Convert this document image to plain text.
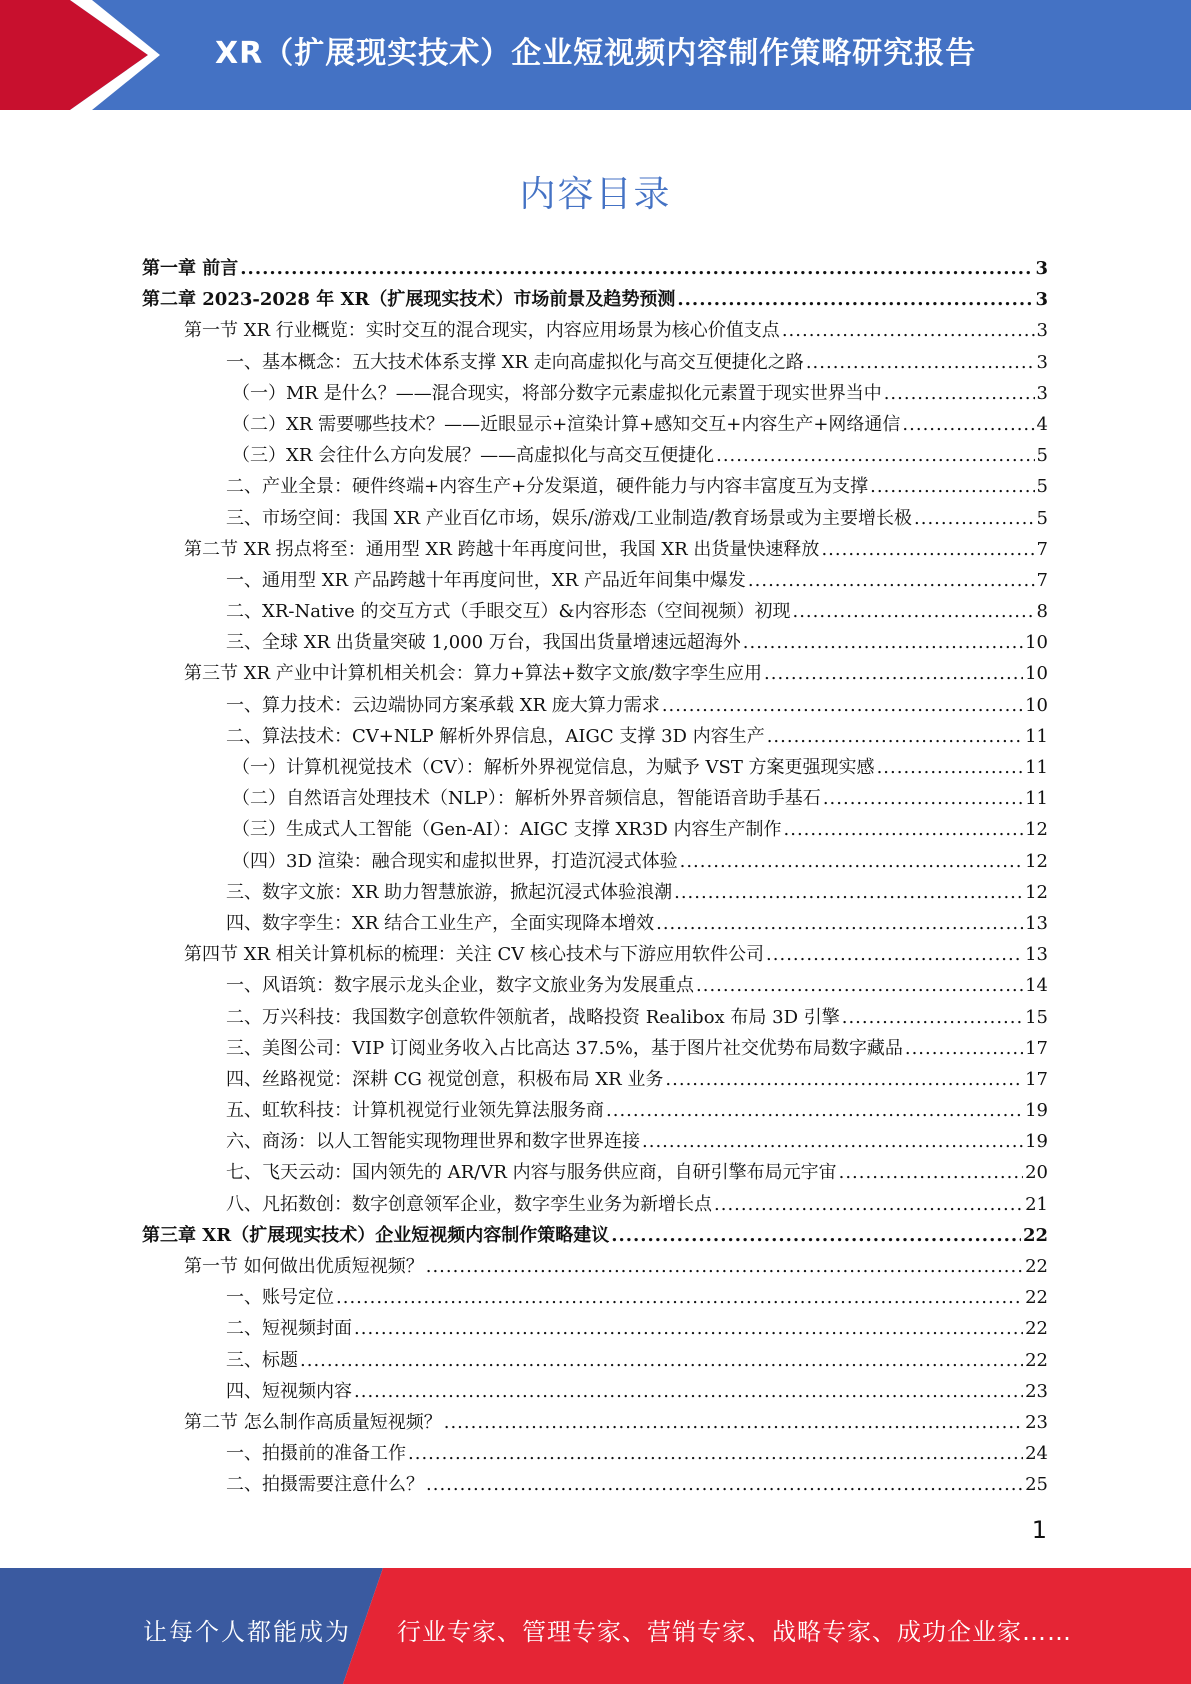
XR（扩展现实技术）企业短视频内容制作策略研究报告
内容目录
第一章 前言 .....	3
第二章 2023-2028 年 XR（扩展现实技术）市场前景及趋势预测 .....	3
第一节 XR 行业概览：实时交互的混合现实，内容应用场景为核心价值支点 .....	3
一、基本概念：五大技术体系支撑 XR 走向高虚拟化与高交互便捷化之路 .....	3
（一）MR 是什么？——混合现实，将部分数字元素虚拟化元素置于现实世界当中 .....	3
（二）XR 需要哪些技术？——近眼显示+渲染计算+感知交互+内容生产+网络通信 .....	4
（三）XR 会往什么方向发展？——高虚拟化与高交互便捷化 .....	5
二、产业全景：硬件终端+内容生产+分发渠道，硬件能力与内容丰富度互为支撑 .....	5
三、市场空间：我国 XR 产业百亿市场，娱乐/游戏/工业制造/教育场景或为主要增长极 .....	5
第二节 XR 拐点将至：通用型 XR 跨越十年再度问世，我国 XR 出货量快速释放 .....	7
一、通用型 XR 产品跨越十年再度问世，XR 产品近年间集中爆发 .....	7
二、XR-Native 的交互方式（手眼交互）&内容形态（空间视频）初现 .....	8
三、全球 XR 出货量突破 1,000 万台，我国出货量增速远超海外 .....	10
第三节 XR 产业中计算机相关机会：算力+算法+数字文旅/数字孪生应用 .....	10
一、算力技术：云边端协同方案承载 XR 庞大算力需求 .....	10
二、算法技术：CV+NLP 解析外界信息，AIGC 支撑 3D 内容生产 .....	11
（一）计算机视觉技术（CV）：解析外界视觉信息，为赋予 VST 方案更强现实感 .....	11
（二）自然语言处理技术（NLP）：解析外界音频信息，智能语音助手基石 .....	11
（三）生成式人工智能（Gen-AI）：AIGC 支撑 XR3D 内容生产制作 .....	12
（四）3D 渲染：融合现实和虚拟世界，打造沉浸式体验 .....	12
三、数字文旅：XR 助力智慧旅游，掀起沉浸式体验浪潮 .....	12
四、数字孪生：XR 结合工业生产，全面实现降本增效 .....	13
第四节 XR 相关计算机标的梳理：关注 CV 核心技术与下游应用软件公司 .....	13
一、风语筑：数字展示龙头企业，数字文旅业务为发展重点 .....	14
二、万兴科技：我国数字创意软件领航者，战略投资 Realibox 布局 3D 引擎 .....	15
三、美图公司：VIP 订阅业务收入占比高达 37.5%，基于图片社交优势布局数字藏品 .....	17
四、丝路视觉：深耕 CG 视觉创意，积极布局 XR 业务 .....	17
五、虹软科技：计算机视觉行业领先算法服务商 .....	19
六、商汤：以人工智能实现物理世界和数字世界连接 .....	19
七、飞天云动：国内领先的 AR/VR 内容与服务供应商，自研引擎布局元宇宙 .....	20
八、凡拓数创：数字创意领军企业，数字孪生业务为新增长点 .....	21
第三章 XR（扩展现实技术）企业短视频内容制作策略建议 .....	22
第一节 如何做出优质短视频？ .....	22
一、账号定位 .....	22
二、短视频封面 .....	22
三、标题 .....	22
四、短视频内容 .....	23
第二节 怎么制作高质量短视频？ .....	23
一、拍摄前的准备工作 .....	24
二、拍摄需要注意什么？ .....	25
1
让每个人都能成为 行业专家、管理专家、营销专家、战略专家、成功企业家……
